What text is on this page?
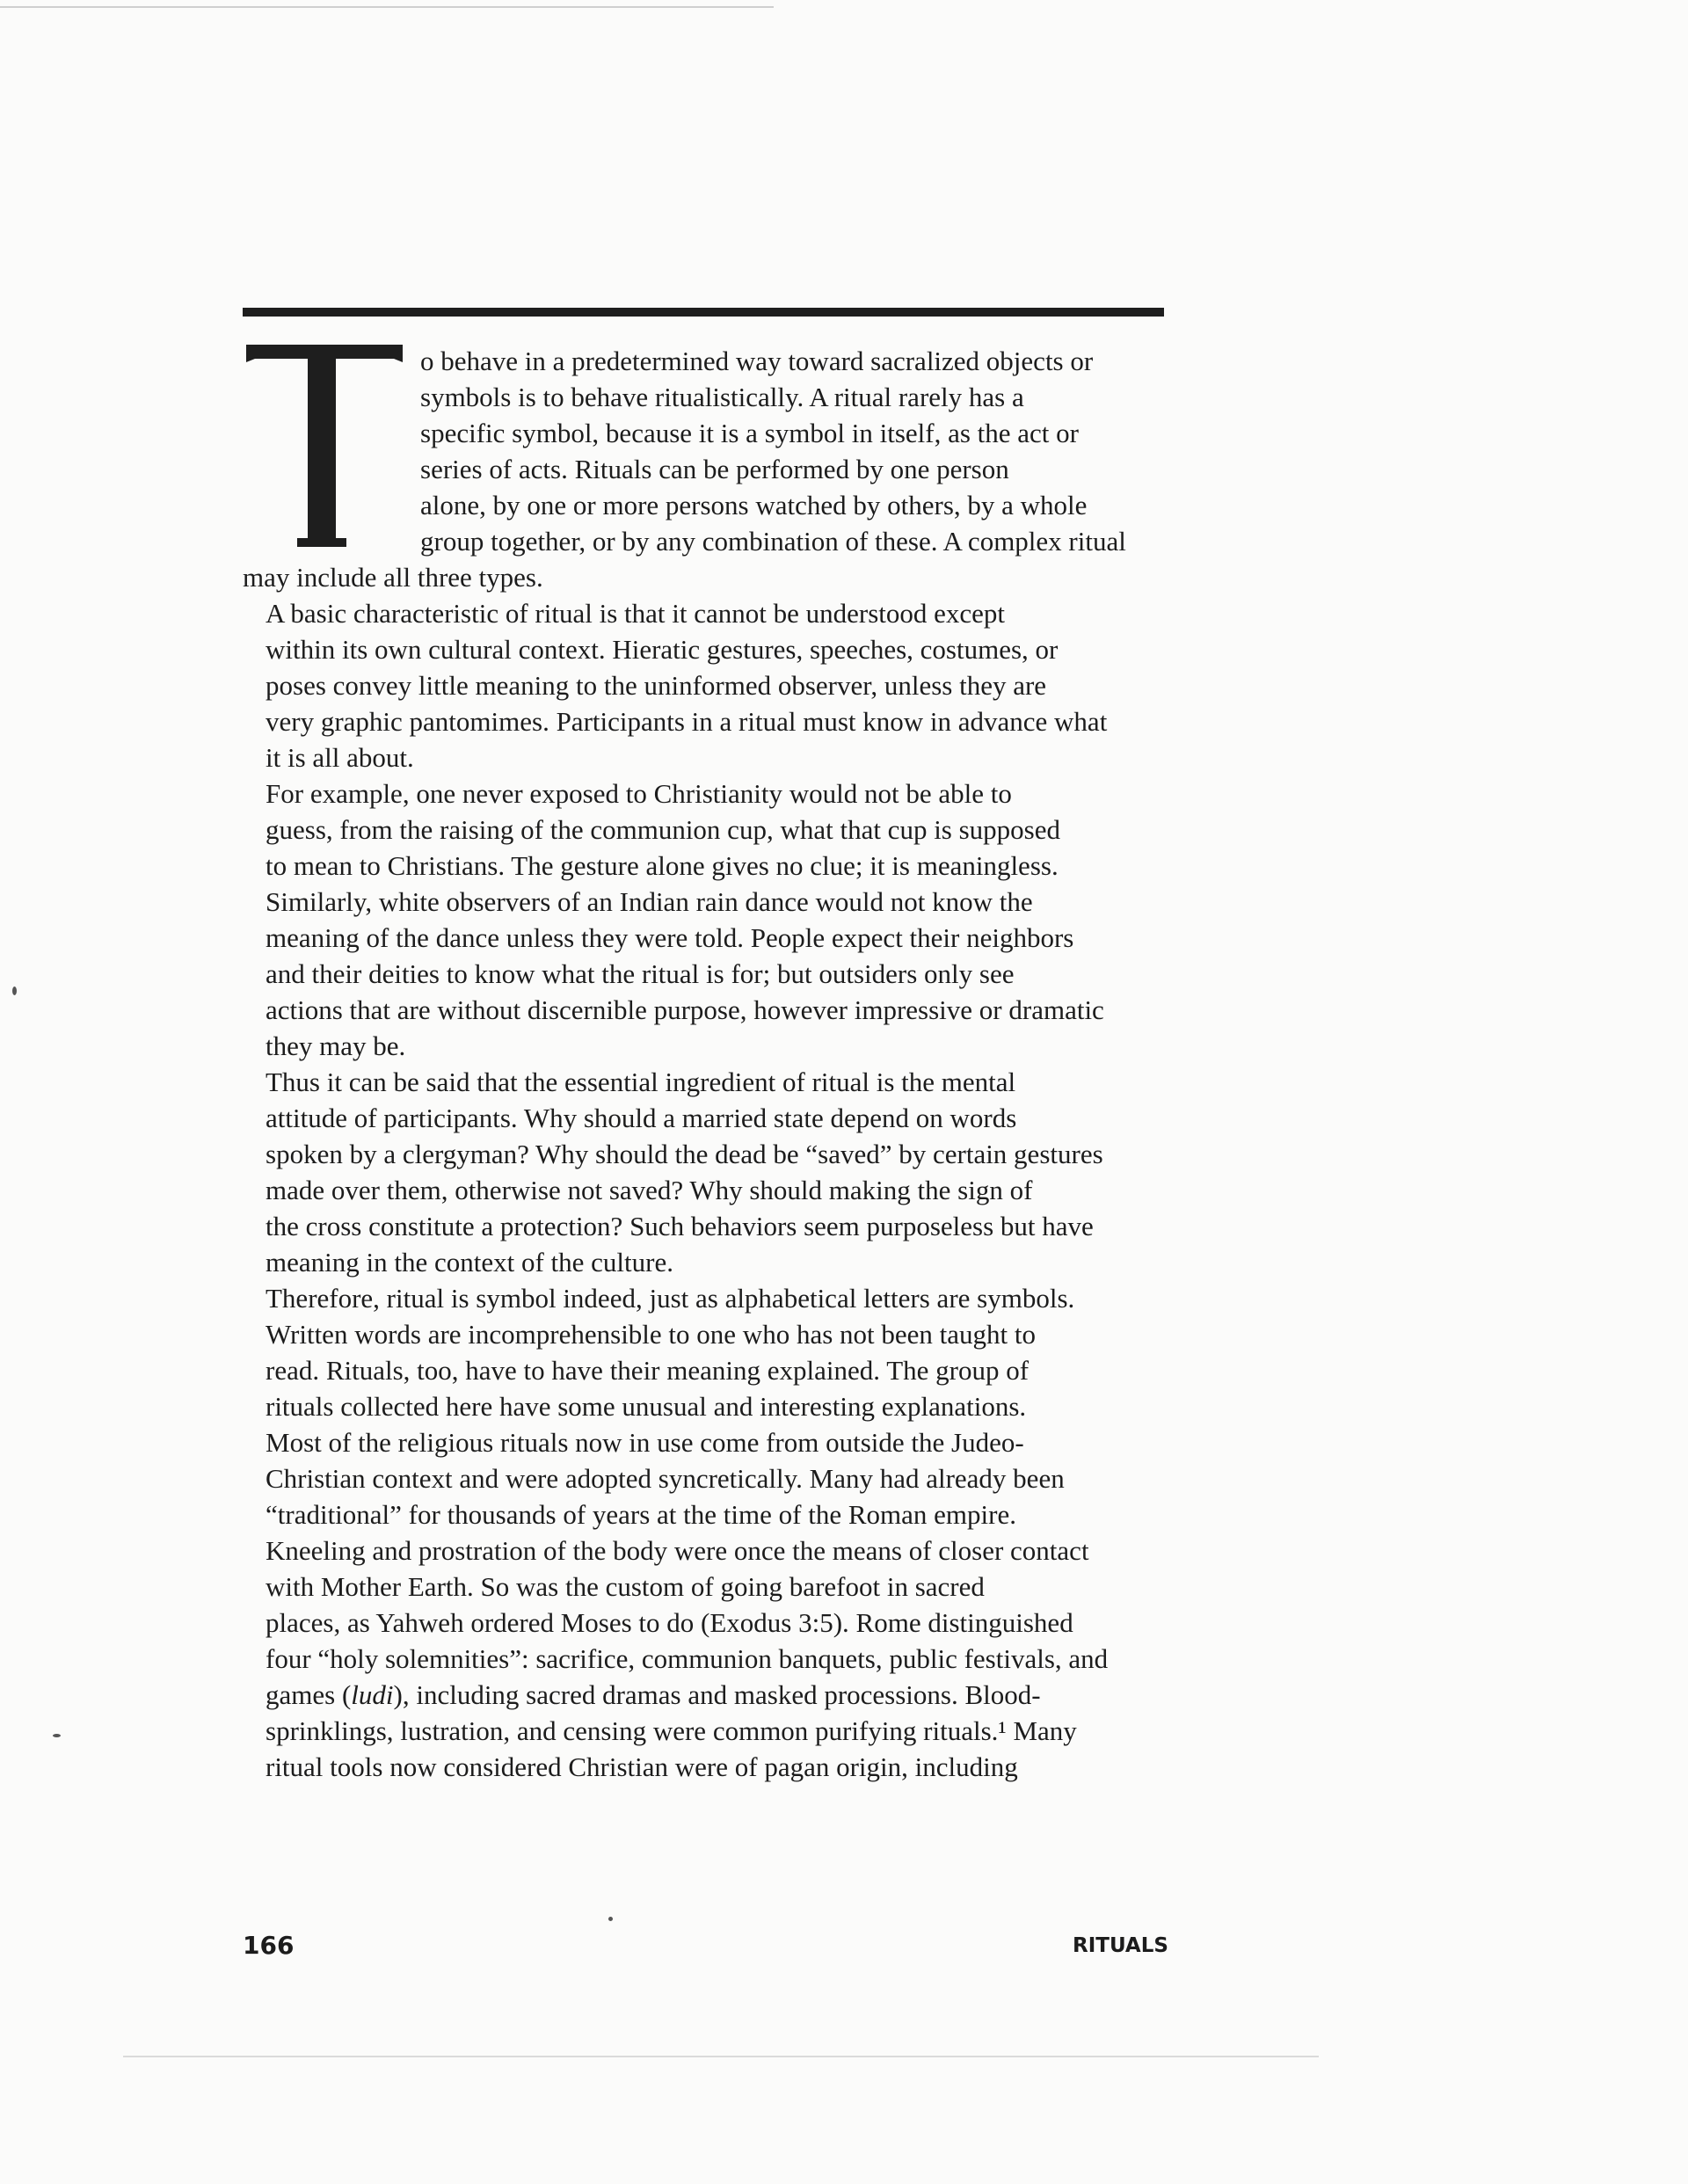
o behave in a predetermined way toward sacralized objects or
symbols is to behave ritualistically. A ritual rarely has a
specific symbol, because it is a symbol in itself, as the act or
series of acts. Rituals can be performed by one person
alone, by one or more persons watched by others, by a whole
group together, or by any combination of these. A complex ritual
may include all three types.

A basic characteristic of ritual is that it cannot be understood except
within its own cultural context. Hieratic gestures, speeches, costumes, or
poses convey little meaning to the uninformed observer, unless they are
very graphic pantomimes. Participants in a ritual must know in advance what
it is all about.

For example, one never exposed to Christianity would not be able to
guess, from the raising of the communion cup, what that cup is supposed
to mean to Christians. The gesture alone gives no clue; it is meaningless.
Similarly, white observers of an Indian rain dance would not know the
meaning of the dance unless they were told. People expect their neighbors
and their deities to know what the ritual is for; but outsiders only see
actions that are without discernible purpose, however impressive or dramatic
they may be.

Thus it can be said that the essential ingredient of ritual is the mental
attitude of participants. Why should a married state depend on words
spoken by a clergyman? Why should the dead be “saved” by certain gestures
made over them, otherwise not saved? Why should making the sign of
the cross constitute a protection? Such behaviors seem purposeless but have
meaning in the context of the culture.

Therefore, ritual is symbol indeed, just as alphabetical letters are symbols.
Written words are incomprehensible to one who has not been taught to
read. Rituals, too, have to have their meaning explained. The group of
rituals collected here have some unusual and interesting explanations.

Most of the religious rituals now in use come from outside the Judeo-
Christian context and were adopted syncretically. Many had already been
“traditional” for thousands of years at the time of the Roman empire.
Kneeling and prostration of the body were once the means of closer contact
with Mother Earth. So was the custom of going barefoot in sacred
places, as Yahweh ordered Moses to do (Exodus 3:5). Rome distinguished
four “holy solemnities”: sacrifice, communion banquets, public festivals, and
games (ludi), including sacred dramas and masked processions. Blood-
sprinklings, lustration, and censing were common purifying rituals.¹ Many
ritual tools now considered Christian were of pagan origin, including

166	RITUALS
